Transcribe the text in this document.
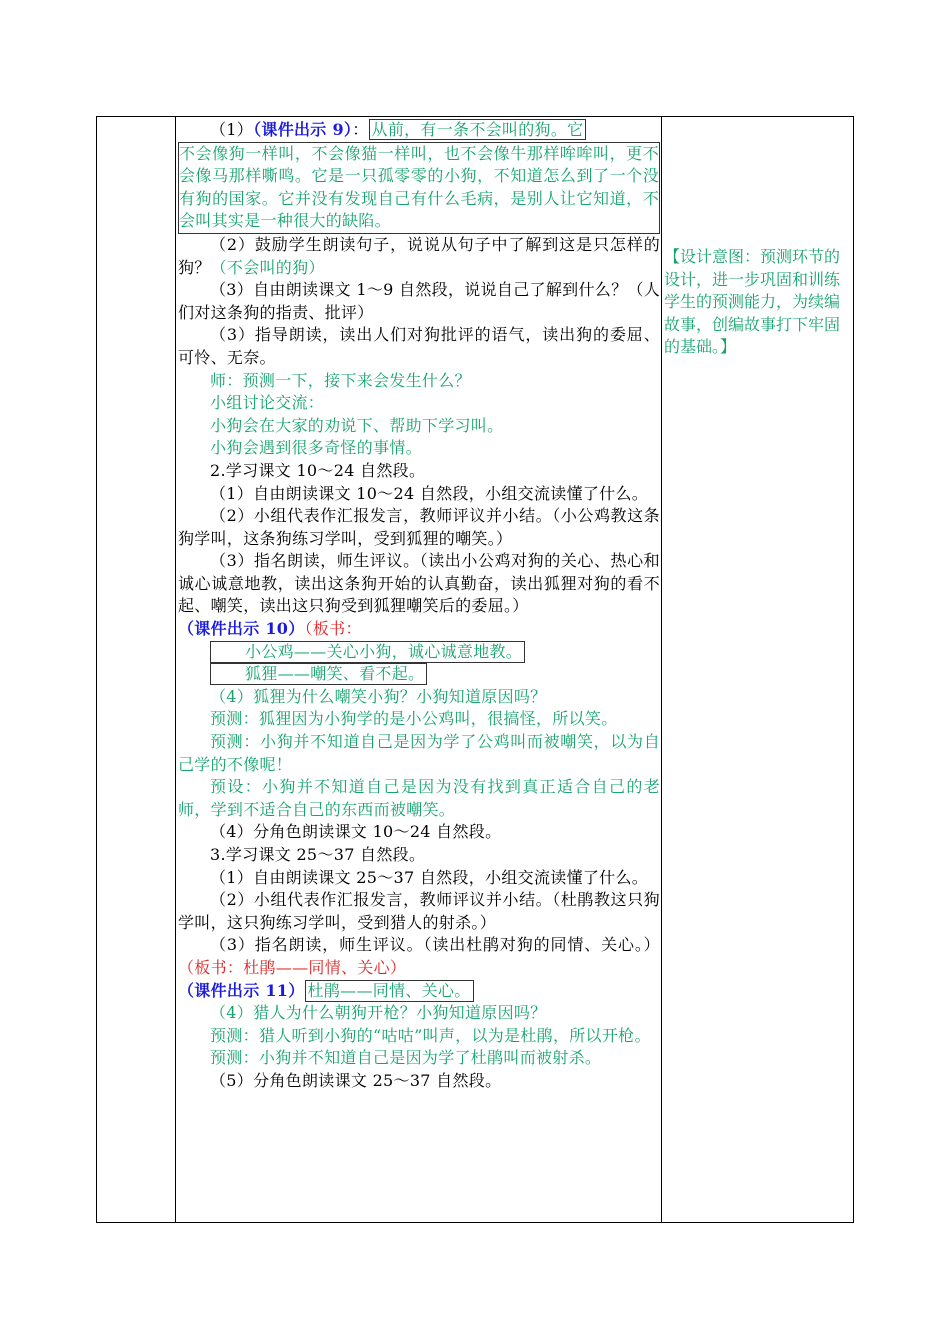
（1）（课件出示 9）： 从前，有一条不会叫的狗。它

不会像狗一样叫，不会像猫一样叫，也不会像牛那样哞哞叫，更不会像马那样嘶鸣。它是一只孤零零的小狗，不知道怎么到了一个没有狗的国家。它并没有发现自己有什么毛病，是别人让它知道，不会叫其实是一种很大的缺陷。

（2）鼓励学生朗读句子，说说从句子中了解到这是只怎样的狗？（不会叫的狗）

（3）自由朗读课文 1～9 自然段，说说自己了解到什么？（人们对这条狗的指责、批评）

（3）指导朗读，读出人们对狗批评的语气，读出狗的委屈、可怜、无奈。

师：预测一下，接下来会发生什么？

小组讨论交流：

小狗会在大家的劝说下、帮助下学习叫。

小狗会遇到很多奇怪的事情。

2.学习课文 10～24 自然段。

（1）自由朗读课文 10～24 自然段，小组交流读懂了什么。

（2）小组代表作汇报发言，教师评议并小结。（小公鸡教这条狗学叫，这条狗练习学叫，受到狐狸的嘲笑。）

（3）指名朗读，师生评议。（读出小公鸡对狗的关心、热心和诚心诚意地教，读出这条狗开始的认真勤奋，读出狐狸对狗的看不起、嘲笑，读出这只狗受到狐狸嘲笑后的委屈。）

（课件出示 10）（板书：

小公鸡——关心小狗，诚心诚意地教。

狐狸——嘲笑、看不起。

（4）狐狸为什么嘲笑小狗？小狗知道原因吗？

预测：狐狸因为小狗学的是小公鸡叫，很搞怪，所以笑。

预测：小狗并不知道自己是因为学了公鸡叫而被嘲笑，以为自己学的不像呢！

预设：小狗并不知道自己是因为没有找到真正适合自己的老师，学到不适合自己的东西而被嘲笑。

（4）分角色朗读课文 10～24 自然段。

3.学习课文 25～37 自然段。

（1）自由朗读课文 25～37 自然段，小组交流读懂了什么。

（2）小组代表作汇报发言，教师评议并小结。（杜鹃教这只狗学叫，这只狗练习学叫，受到猎人的射杀。）

（3）指名朗读，师生评议。（读出杜鹃对狗的同情、关心。）（板书：杜鹃——同情、关心）

（课件出示 11） 杜鹃——同情、关心。

（4）猎人为什么朝狗开枪？小狗知道原因吗？

预测：猎人听到小狗的“咕咕”叫声，以为是杜鹃，所以开枪。

预测：小狗并不知道自己是因为学了杜鹃叫而被射杀。

（5）分角色朗读课文 25～37 自然段。

【设计意图：预测环节的设计，进一步巩固和训练学生的预测能力，为续编故事，创编故事打下牢固的基础。】
